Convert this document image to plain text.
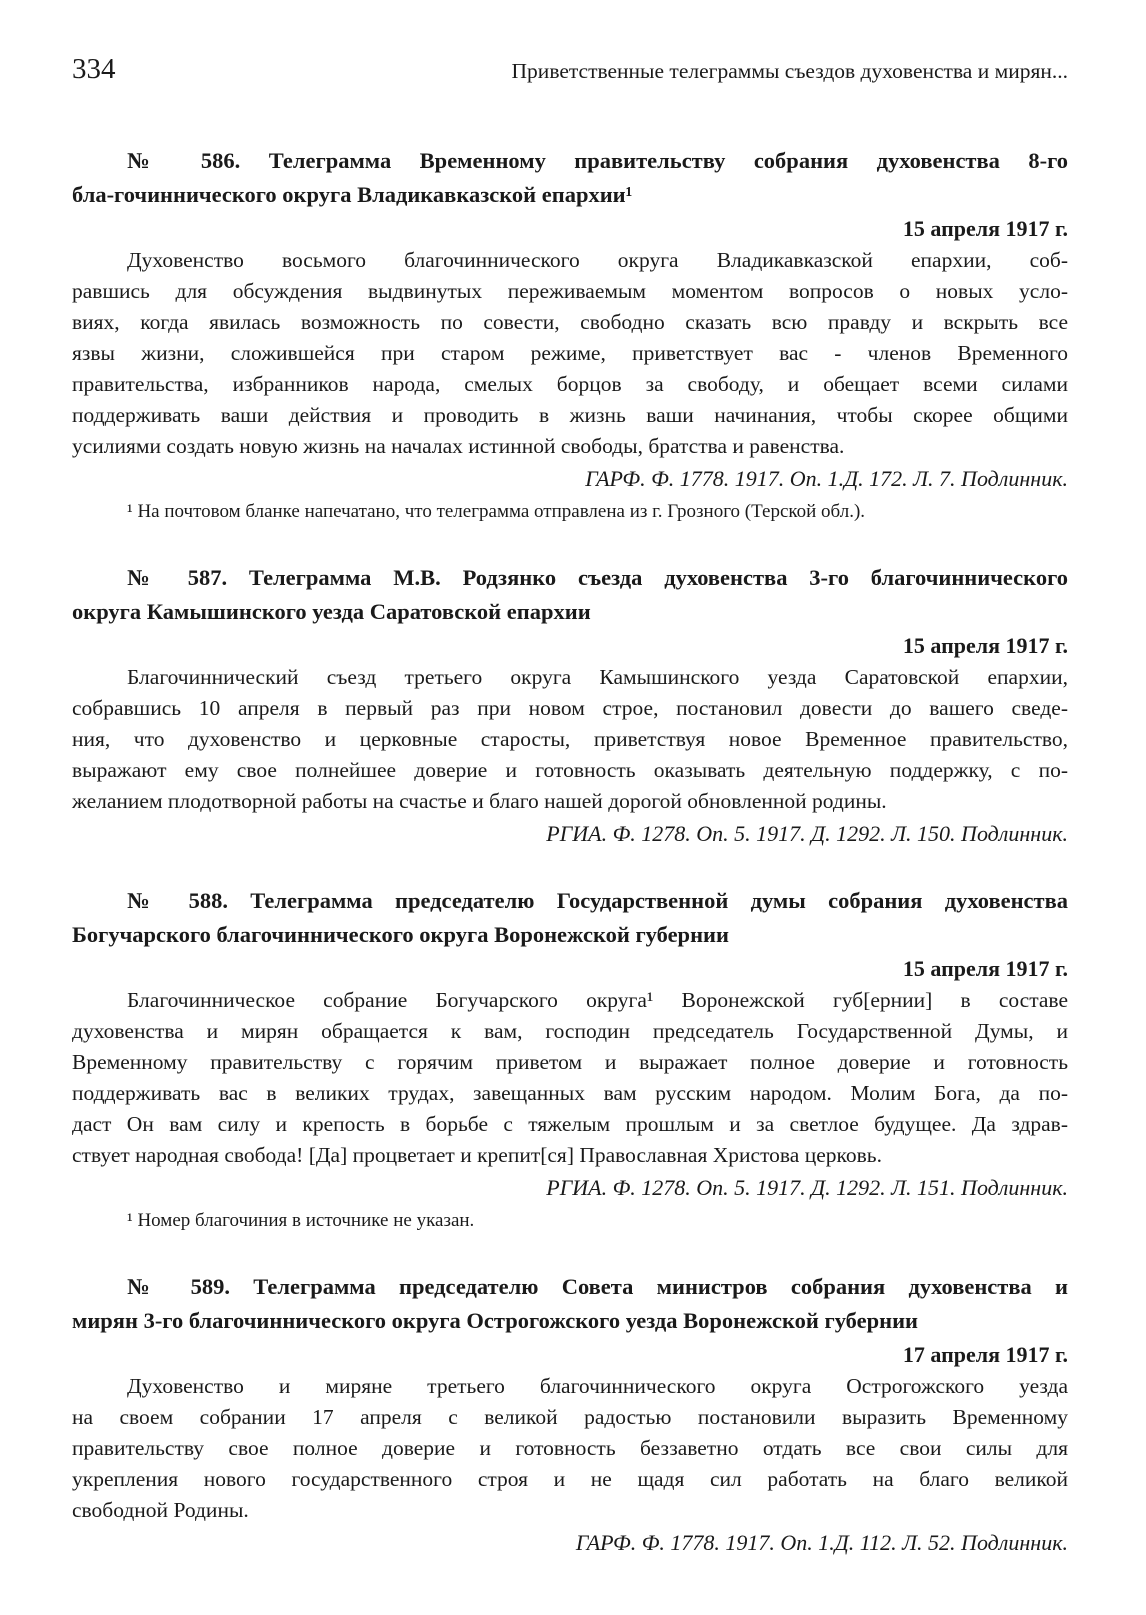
334	Приветственные телеграммы съездов духовенства и мирян...
№ 586. Телеграмма Временному правительству собрания духовенства 8-го
бла-гочиннического округа Владикавказской епархии¹
15 апреля 1917 г.
Духовенство восьмого благочиннического округа Владикавказской епархии, соб-
равшись для обсуждения выдвинутых переживаемым моментом вопросов о новых усло-
виях, когда явилась возможность по совести, свободно сказать всю правду и вскрыть все
язвы жизни, сложившейся при старом режиме, приветствует вас - членов Временного
правительства, избранников народа, смелых борцов за свободу, и обещает всеми силами
поддерживать ваши действия и проводить в жизнь ваши начинания, чтобы скорее общими
усилиями создать новую жизнь на началах истинной свободы, братства и равенства.
ГАРФ. Ф. 1778. 1917. Оп. 1.Д. 172. Л. 7. Подлинник.
¹ На почтовом бланке напечатано, что телеграмма отправлена из г. Грозного (Терской обл.).
№ 587. Телеграмма М.В. Родзянко съезда духовенства 3-го благочиннического
округа Камышинского уезда Саратовской епархии
15 апреля 1917 г.
Благочиннический съезд третьего округа Камышинского уезда Саратовской епархии,
собравшись 10 апреля в первый раз при новом строе, постановил довести до вашего сведе-
ния, что духовенство и церковные старосты, приветствуя новое Временное правительство,
выражают ему свое полнейшее доверие и готовность оказывать деятельную поддержку, с по-
желанием плодотворной работы на счастье и благо нашей дорогой обновленной родины.
РГИА. Ф. 1278. Оп. 5. 1917. Д. 1292. Л. 150. Подлинник.
№ 588. Телеграмма председателю Государственной думы собрания духовенства
Богучарского благочиннического округа Воронежской губернии
15 апреля 1917 г.
Благочинническое собрание Богучарского округа¹ Воронежской губ[ернии] в составе
духовенства и мирян обращается к вам, господин председатель Государственной Думы, и
Временному правительству с горячим приветом и выражает полное доверие и готовность
поддерживать вас в великих трудах, завещанных вам русским народом. Молим Бога, да по-
даст Он вам силу и крепость в борьбе с тяжелым прошлым и за светлое будущее. Да здрав-
ствует народная свобода! [Да] процветает и крепит[ся] Православная Христова церковь.
РГИА. Ф. 1278. Оп. 5. 1917. Д. 1292. Л. 151. Подлинник.
¹ Номер благочиния в источнике не указан.
№ 589. Телеграмма председателю Совета министров собрания духовенства и
мирян 3-го благочиннического округа Острогожского уезда Воронежской губернии
17 апреля 1917 г.
Духовенство и миряне третьего благочиннического округа Острогожского уезда
на своем собрании 17 апреля с великой радостью постановили выразить Временному
правительству свое полное доверие и готовность беззаветно отдать все свои силы для
укрепления нового государственного строя и не щадя сил работать на благо великой
свободной Родины.
ГАРФ. Ф. 1778. 1917. Оп. 1.Д. 112. Л. 52. Подлинник.
